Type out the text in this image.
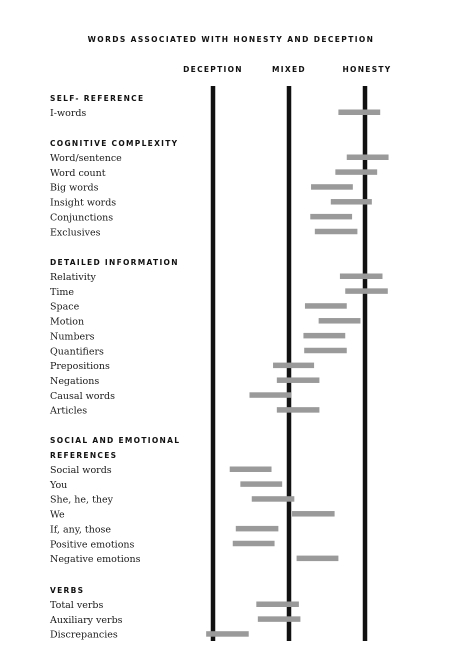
WORDS ASSOCIATED WITH HONESTY AND DECEPTION
DECEPTION	MIXED	HONESTY
SELF- REFERENCE
I-words
COGNITIVE COMPLEXITY
Word/sentence
Word count
Big words
Insight words
Conjunctions
Exclusives
DETAILED INFORMATION
Relativity
Time
Space
Motion
Numbers
Quantifiers
Prepositions
Negations
Causal words
Articles
SOCIAL AND EMOTIONAL
REFERENCES
Social words
You
She, he, they
We
If, any, those
Positive emotions
Negative emotions
VERBS
Total verbs
Auxiliary verbs
Discrepancies
